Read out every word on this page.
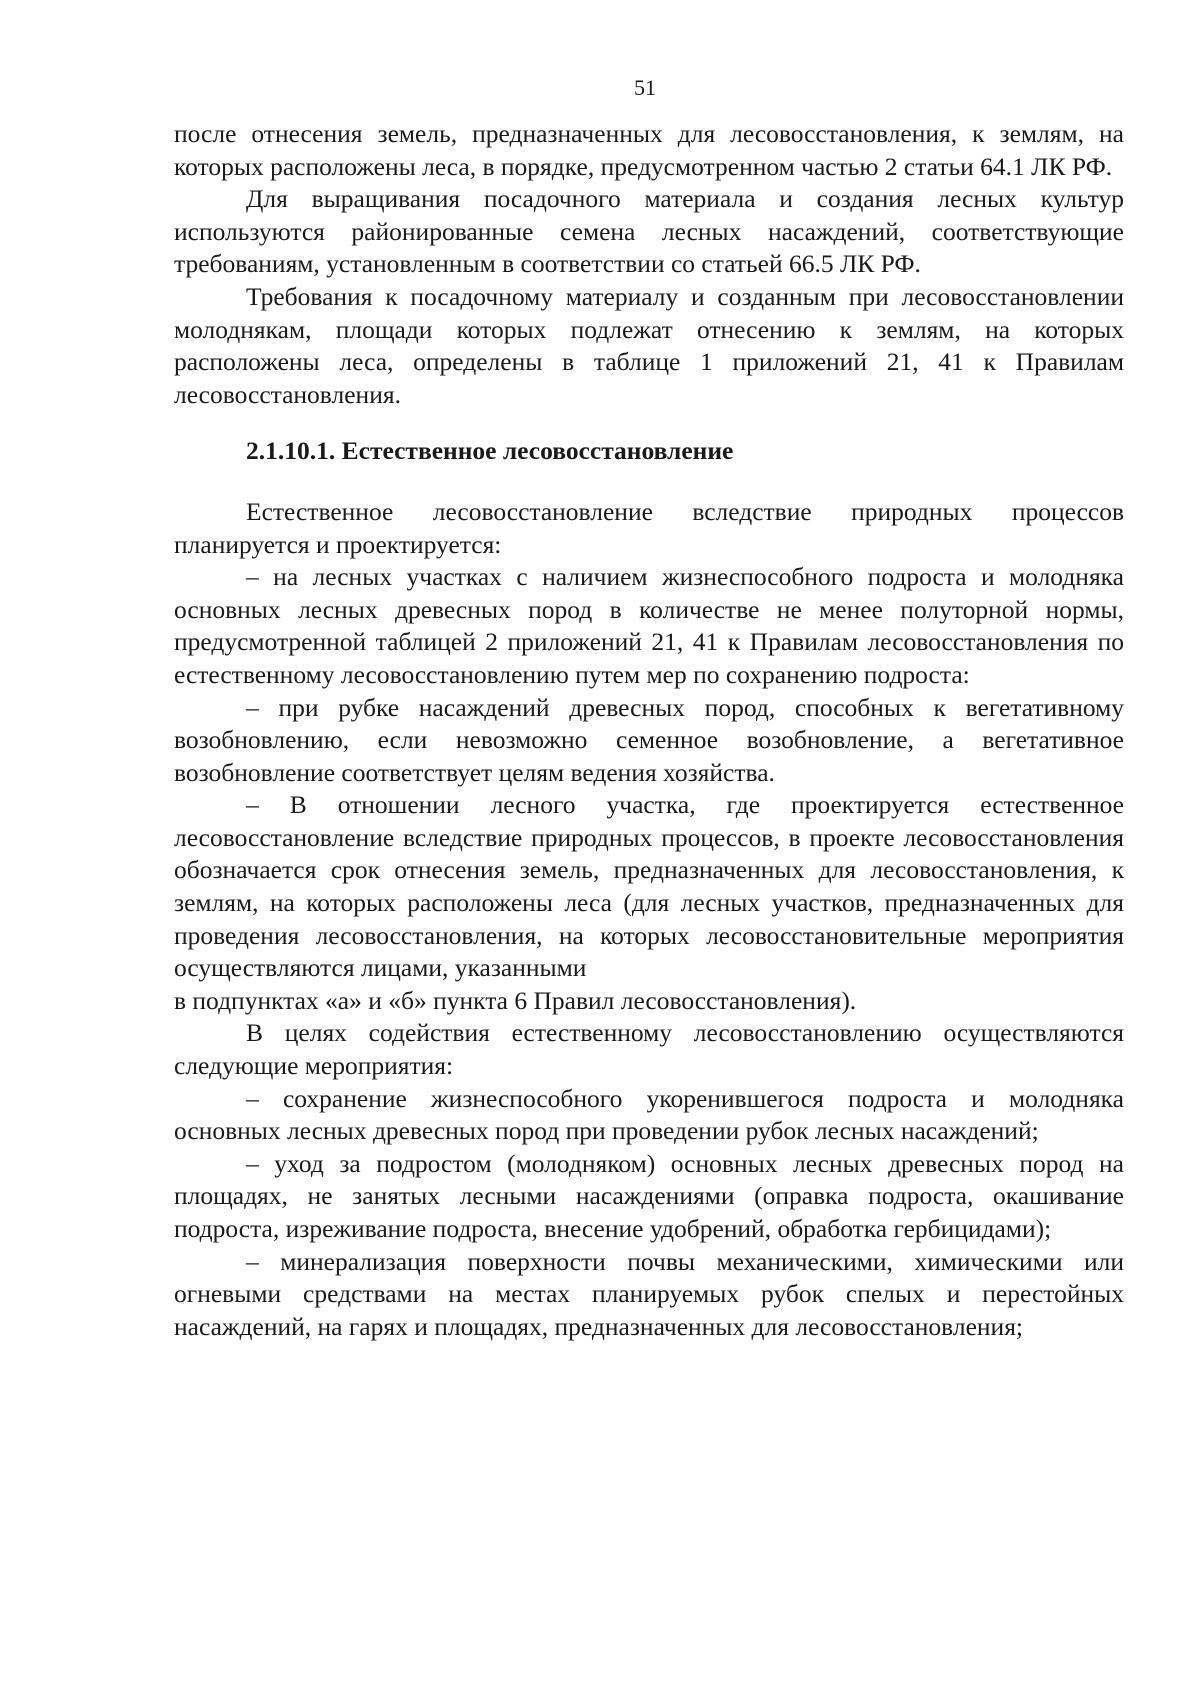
51

после отнесения земель, предназначенных для лесовосстановления, к землям, на которых расположены леса, в порядке, предусмотренном частью 2 статьи 64.1 ЛК РФ.

Для выращивания посадочного материала и создания лесных культур используются районированные семена лесных насаждений, соответствующие требованиям, установленным в соответствии со статьей 66.5 ЛК РФ.

Требования к посадочному материалу и созданным при лесовосстановлении молоднякам, площади которых подлежат отнесению к землям, на которых расположены леса, определены в таблице 1 приложений 21, 41 к Правилам лесовосстановления.

2.1.10.1. Естественное лесовосстановление

Естественное лесовосстановление вследствие природных процессов планируется и проектируется:

– на лесных участках с наличием жизнеспособного подроста и молодняка основных лесных древесных пород в количестве не менее полуторной нормы, предусмотренной таблицей 2 приложений 21, 41 к Правилам лесовосстановления по естественному лесовосстановлению путем мер по сохранению подроста:

– при рубке насаждений древесных пород, способных к вегетативному возобновлению, если невозможно семенное возобновление, а вегетативное возобновление соответствует целям ведения хозяйства.

– В отношении лесного участка, где проектируется естественное лесовосстановление вследствие природных процессов, в проекте лесовосстановления обозначается срок отнесения земель, предназначенных для лесовосстановления, к землям, на которых расположены леса (для лесных участков, предназначенных для проведения лесовосстановления, на которых лесовосстановительные мероприятия осуществляются лицами, указанными

в подпунктах «а» и «б» пункта 6 Правил лесовосстановления).

В целях содействия естественному лесовосстановлению осуществляются следующие мероприятия:

– сохранение жизнеспособного укоренившегося подроста и молодняка основных лесных древесных пород при проведении рубок лесных насаждений;

– уход за подростом (молодняком) основных лесных древесных пород на площадях, не занятых лесными насаждениями (оправка подроста, окашивание подроста, изреживание подроста, внесение удобрений, обработка гербицидами);

– минерализация поверхности почвы механическими, химическими или огневыми средствами на местах планируемых рубок спелых и перестойных насаждений, на гарях и площадях, предназначенных для лесовосстановления;
